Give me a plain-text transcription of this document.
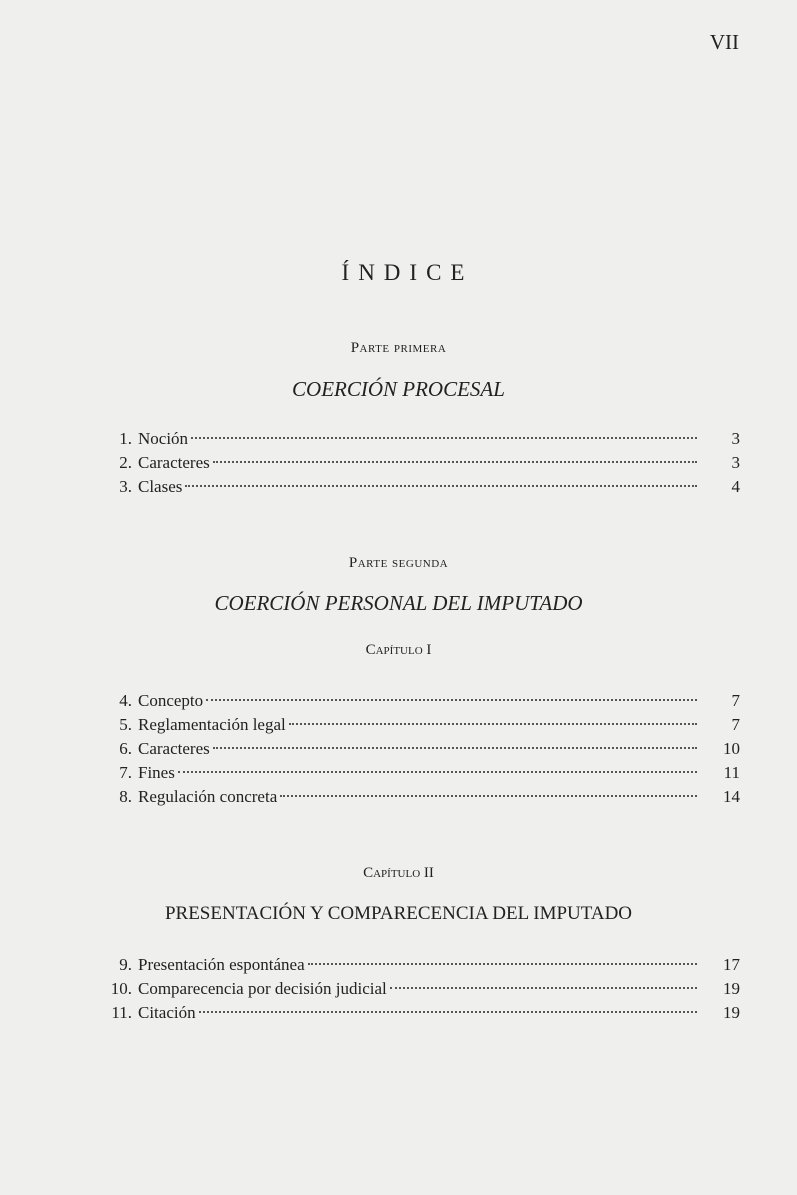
VII
ÍNDICE
Parte primera
COERCIÓN PROCESAL
1. Noción	3
2. Caracteres	3
3. Clases	4
Parte segunda
COERCIÓN PERSONAL DEL IMPUTADO
Capítulo I
4. Concepto	7
5. Reglamentación legal	7
6. Caracteres	10
7. Fines	11
8. Regulación concreta	14
Capítulo II
PRESENTACIÓN Y COMPARECENCIA DEL IMPUTADO
9. Presentación espontánea	17
10. Comparecencia por decisión judicial	19
11. Citación	19
